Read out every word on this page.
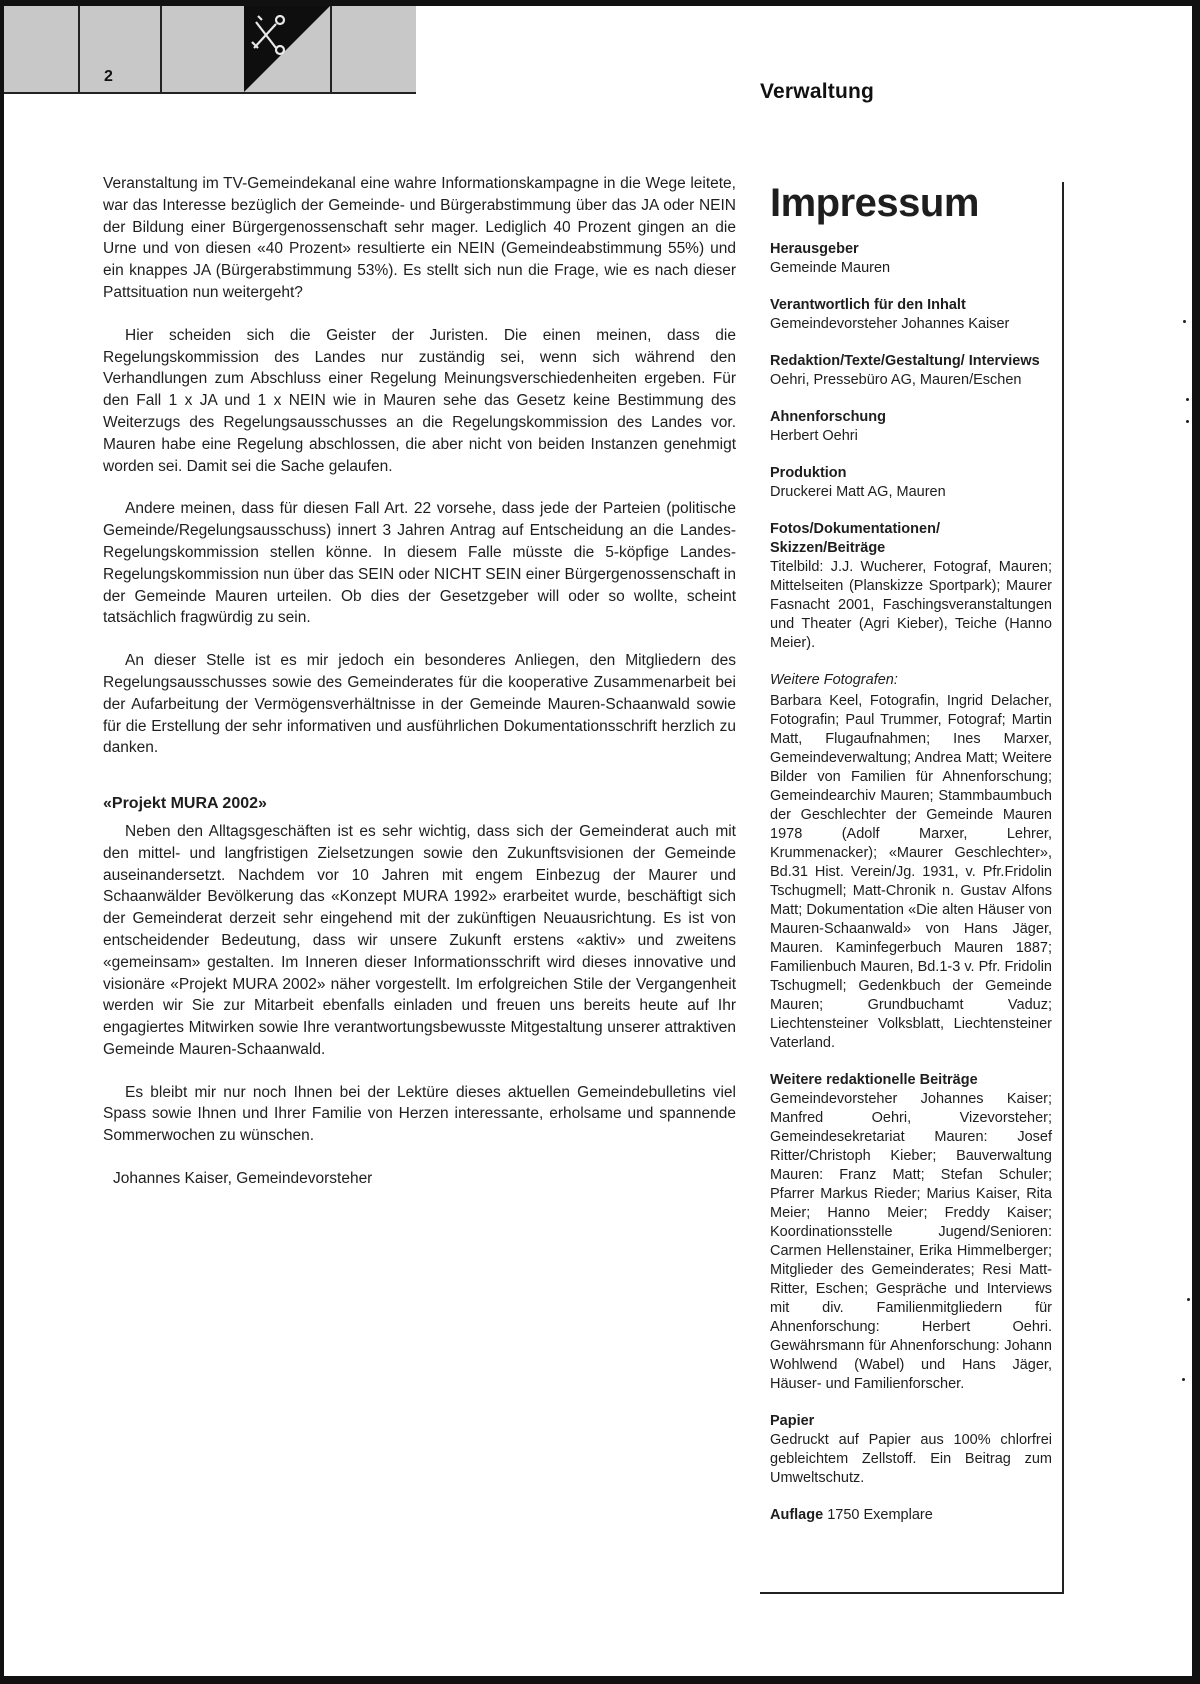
2
Verwaltung

Veranstaltung im TV-Gemeindekanal eine wahre Informationskampagne in die Wege leitete, war das Interesse bezüglich der Gemeinde- und Bürgerabstimmung über das JA oder NEIN der Bildung einer Bürgergenossenschaft sehr mager. Lediglich 40 Prozent gingen an die Urne und von diesen «40 Prozent» resultierte ein NEIN (Gemeindeabstimmung 55%) und ein knappes JA (Bürgerabstimmung 53%). Es stellt sich nun die Frage, wie es nach dieser Pattsituation nun weitergeht?

Hier scheiden sich die Geister der Juristen. Die einen meinen, dass die Regelungskommission des Landes nur zuständig sei, wenn sich während den Verhandlungen zum Abschluss einer Regelung Meinungsverschiedenheiten ergeben. Für den Fall 1 x JA und 1 x NEIN wie in Mauren sehe das Gesetz keine Bestimmung des Weiterzugs des Regelungsausschusses an die Regelungskommission des Landes vor. Mauren habe eine Regelung abschlossen, die aber nicht von beiden Instanzen genehmigt worden sei. Damit sei die Sache gelaufen.

Andere meinen, dass für diesen Fall Art. 22 vorsehe, dass jede der Parteien (politische Gemeinde/Regelungsausschuss) innert 3 Jahren Antrag auf Entscheidung an die Landes-Regelungskommission stellen könne. In diesem Falle müsste die 5-köpfige Landes-Regelungskommission nun über das SEIN oder NICHT SEIN einer Bürgergenossenschaft in der Gemeinde Mauren urteilen. Ob dies der Gesetzgeber will oder so wollte, scheint tatsächlich fragwürdig zu sein.

An dieser Stelle ist es mir jedoch ein besonderes Anliegen, den Mitgliedern des Regelungsausschusses sowie des Gemeinderates für die kooperative Zusammenarbeit bei der Aufarbeitung der Vermögensverhältnisse in der Gemeinde Mauren-Schaanwald sowie für die Erstellung der sehr informativen und ausführlichen Dokumentationsschrift herzlich zu danken.

«Projekt MURA 2002»

Neben den Alltagsgeschäften ist es sehr wichtig, dass sich der Gemeinderat auch mit den mittel- und langfristigen Zielsetzungen sowie den Zukunftsvisionen der Gemeinde auseinandersetzt. Nachdem vor 10 Jahren mit engem Einbezug der Maurer und Schaanwälder Bevölkerung das «Konzept MURA 1992» erarbeitet wurde, beschäftigt sich der Gemeinderat derzeit sehr eingehend mit der zukünftigen Neuausrichtung. Es ist von entscheidender Bedeutung, dass wir unsere Zukunft erstens «aktiv» und zweitens «gemeinsam» gestalten. Im Inneren dieser Informationsschrift wird dieses innovative und visionäre «Projekt MURA 2002» näher vorgestellt. Im erfolgreichen Stile der Vergangenheit werden wir Sie zur Mitarbeit ebenfalls einladen und freuen uns bereits heute auf Ihr engagiertes Mitwirken sowie Ihre verantwortungsbewusste Mitgestaltung unserer attraktiven Gemeinde Mauren-Schaanwald.

Es bleibt mir nur noch Ihnen bei der Lektüre dieses aktuellen Gemeindebulletins viel Spass sowie Ihnen und Ihrer Familie von Herzen interessante, erholsame und spannende Sommerwochen zu wünschen.

Johannes Kaiser, Gemeindevorsteher

Impressum
Herausgeber
Gemeinde Mauren
Verantwortlich für den Inhalt
Gemeindevorsteher Johannes Kaiser
Redaktion/Texte/Gestaltung/ Interviews
Oehri, Pressebüro AG, Mauren/Eschen
Ahnenforschung
Herbert Oehri
Produktion
Druckerei Matt AG, Mauren
Fotos/Dokumentationen/ Skizzen/Beiträge
Titelbild: J.J. Wucherer, Fotograf, Mauren; Mittelseiten (Planskizze Sportpark); Maurer Fasnacht 2001, Faschingsveranstaltungen und Theater (Agri Kieber), Teiche (Hanno Meier).
Weitere Fotografen:
Barbara Keel, Fotografin, Ingrid Delacher, Fotografin; Paul Trummer, Fotograf; Martin Matt, Flugaufnahmen; Ines Marxer, Gemeindeverwaltung; Andrea Matt; Weitere Bilder von Familien für Ahnenforschung; Gemeindearchiv Mauren; Stammbaumbuch der Geschlechter der Gemeinde Mauren 1978 (Adolf Marxer, Lehrer, Krummenacker); «Maurer Geschlechter», Bd.31 Hist. Verein/Jg. 1931, v. Pfr.Fridolin Tschugmell; Matt-Chronik n. Gustav Alfons Matt; Dokumentation «Die alten Häuser von Mauren-Schaanwald» von Hans Jäger, Mauren. Kaminfegerbuch Mauren 1887; Familienbuch Mauren, Bd.1-3 v. Pfr. Fridolin Tschugmell; Gedenkbuch der Gemeinde Mauren; Grundbuchamt Vaduz; Liechtensteiner Volksblatt, Liechtensteiner Vaterland.
Weitere redaktionelle Beiträge
Gemeindevorsteher Johannes Kaiser; Manfred Oehri, Vizevorsteher; Gemeindesekretariat Mauren: Josef Ritter/Christoph Kieber; Bauverwaltung Mauren: Franz Matt; Stefan Schuler; Pfarrer Markus Rieder; Marius Kaiser, Rita Meier; Hanno Meier; Freddy Kaiser; Koordinationsstelle Jugend/Senioren: Carmen Hellenstainer, Erika Himmelberger; Mitglieder des Gemeinderates; Resi Matt-Ritter, Eschen; Gespräche und Interviews mit div. Familienmitgliedern für Ahnenforschung: Herbert Oehri. Gewährsmann für Ahnenforschung: Johann Wohlwend (Wabel) und Hans Jäger, Häuser- und Familienforscher.
Papier
Gedruckt auf Papier aus 100% chlorfrei gebleichtem Zellstoff. Ein Beitrag zum Umweltschutz.
Auflage 1750 Exemplare
